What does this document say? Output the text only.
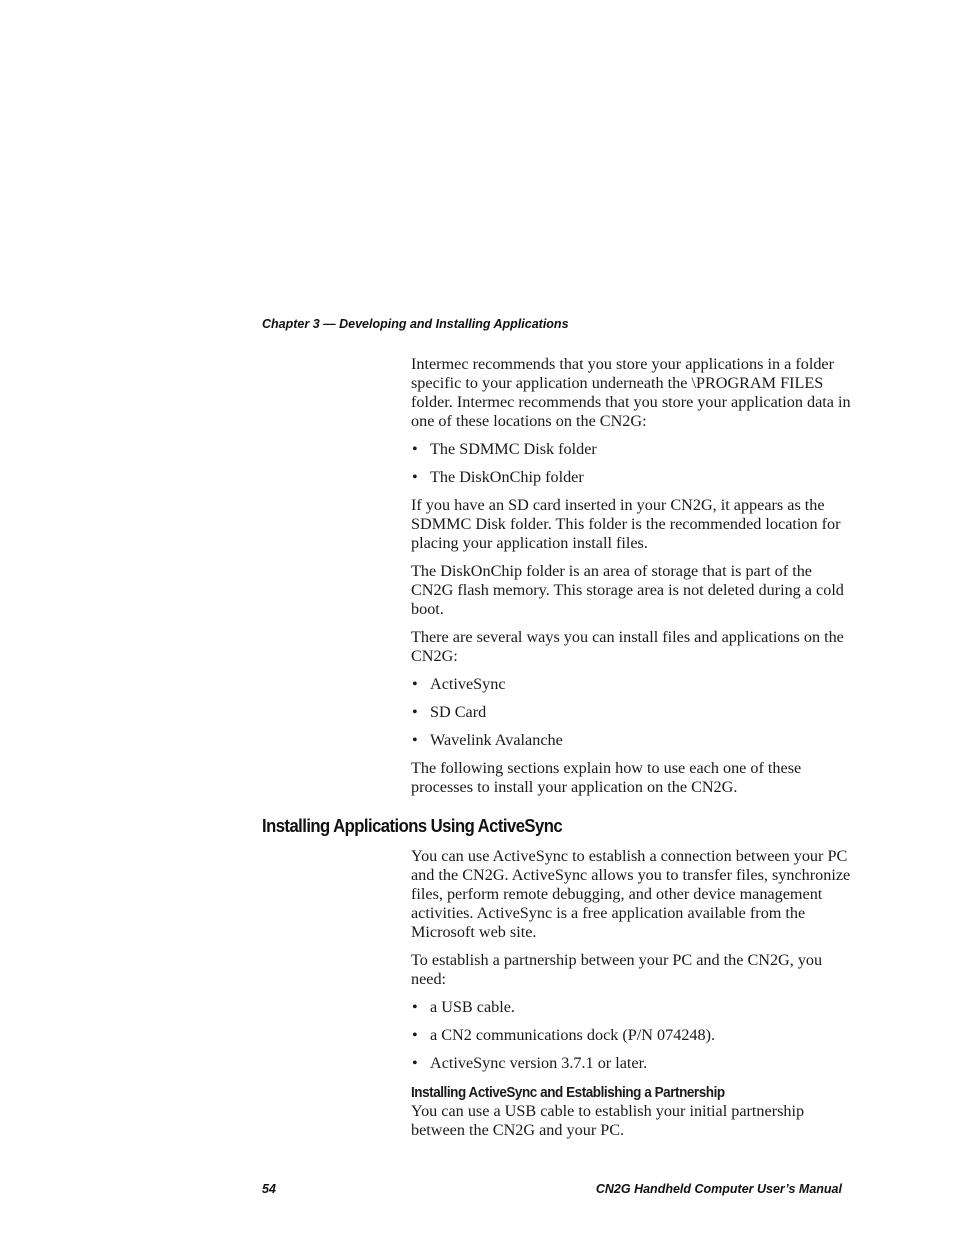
Chapter 3 — Developing and Installing Applications

Intermec recommends that you store your applications in a folder specific to your application underneath the \PROGRAM FILES folder. Intermec recommends that you store your application data in one of these locations on the CN2G:

• The SDMMC Disk folder
• The DiskOnChip folder

If you have an SD card inserted in your CN2G, it appears as the SDMMC Disk folder. This folder is the recommended location for placing your application install files.

The DiskOnChip folder is an area of storage that is part of the CN2G flash memory. This storage area is not deleted during a cold boot.

There are several ways you can install files and applications on the CN2G:

• ActiveSync
• SD Card
• Wavelink Avalanche

The following sections explain how to use each one of these processes to install your application on the CN2G.

Installing Applications Using ActiveSync

You can use ActiveSync to establish a connection between your PC and the CN2G. ActiveSync allows you to transfer files, synchronize files, perform remote debugging, and other device management activities. ActiveSync is a free application available from the Microsoft web site.

To establish a partnership between your PC and the CN2G, you need:

• a USB cable.
• a CN2 communications dock (P/N 074248).
• ActiveSync version 3.7.1 or later.
Installing ActiveSync and Establishing a Partnership

You can use a USB cable to establish your initial partnership between the CN2G and your PC.

54	CN2G Handheld Computer User’s Manual
